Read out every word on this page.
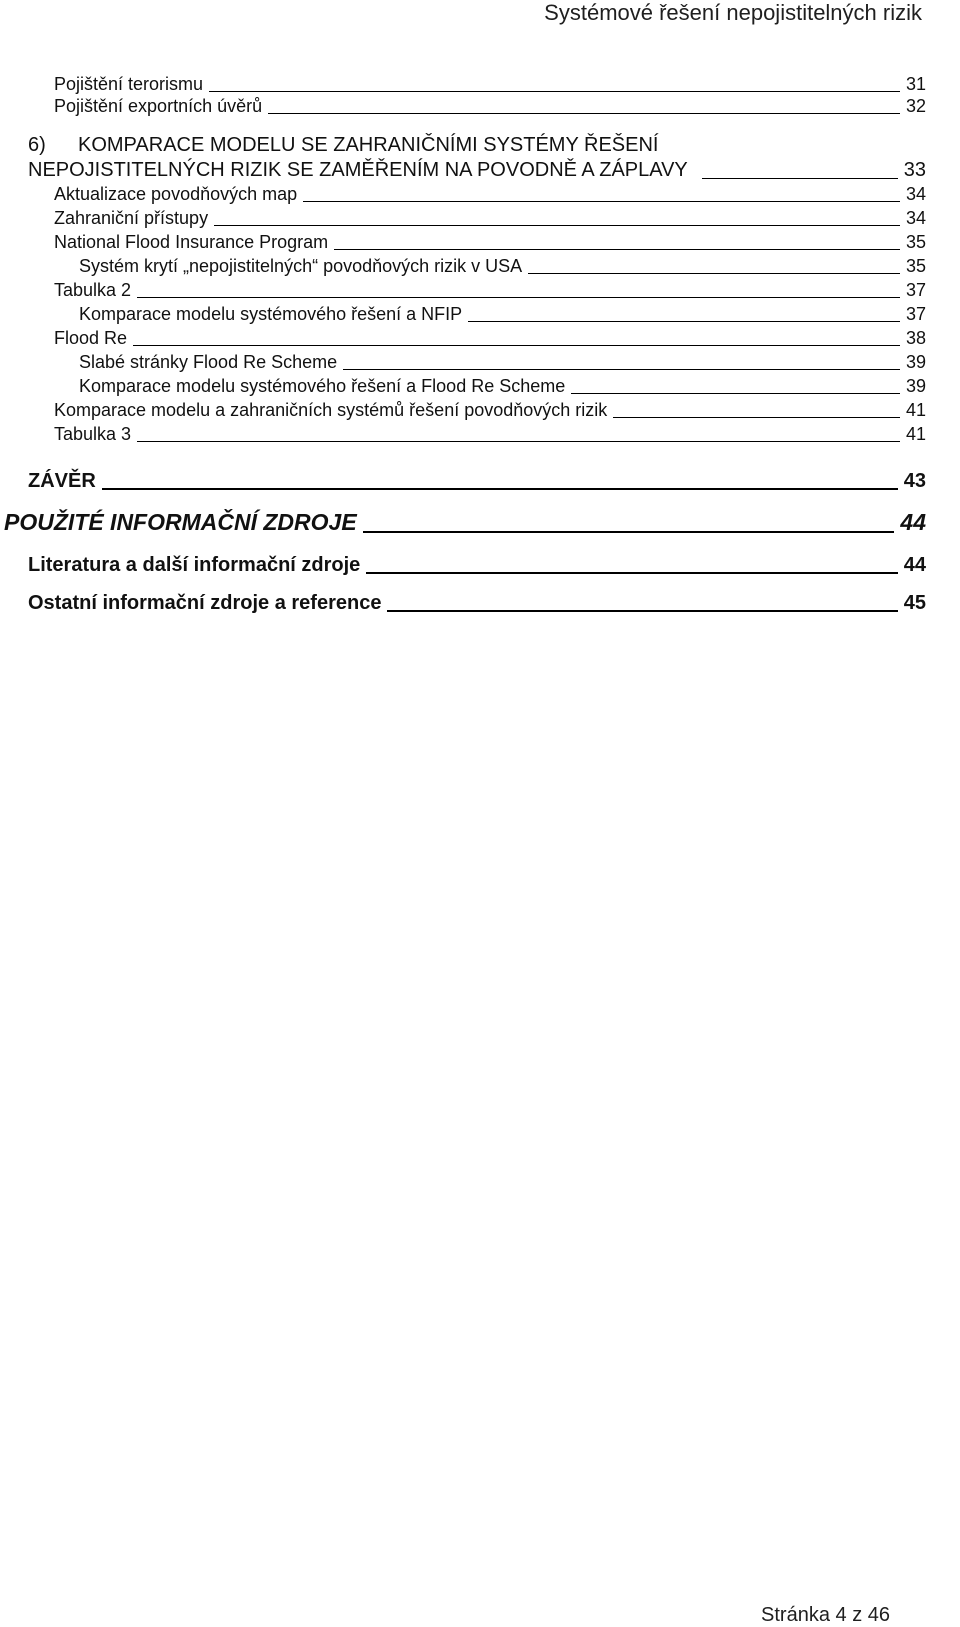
Systémové řešení nepojistitelných rizik
Pojištění terorismu	31
Pojištění exportních úvěrů	32
6) KOMPARACE MODELU SE ZAHRANIČNÍMI SYSTÉMY ŘEŠENÍ
NEPOJISTITELNÝCH RIZIK SE ZAMĚŘENÍM NA POVODNĚ A ZÁPLAVY	33
Aktualizace povodňových map	34
Zahraniční přístupy	34
National Flood Insurance Program	35
Systém krytí „nepojistitelných“ povodňových rizik v USA	35
Tabulka 2	37
Komparace modelu systémového řešení a NFIP	37
Flood Re	38
Slabé stránky Flood Re Scheme	39
Komparace modelu systémového řešení a Flood Re Scheme	39
Komparace modelu a zahraničních systémů řešení povodňových rizik	41
Tabulka 3	41
ZÁVĚR	43
POUŽITÉ INFORMAČNÍ ZDROJE	44
Literatura a další informační zdroje	44
Ostatní informační zdroje a reference	45
Stránka 4 z 46
